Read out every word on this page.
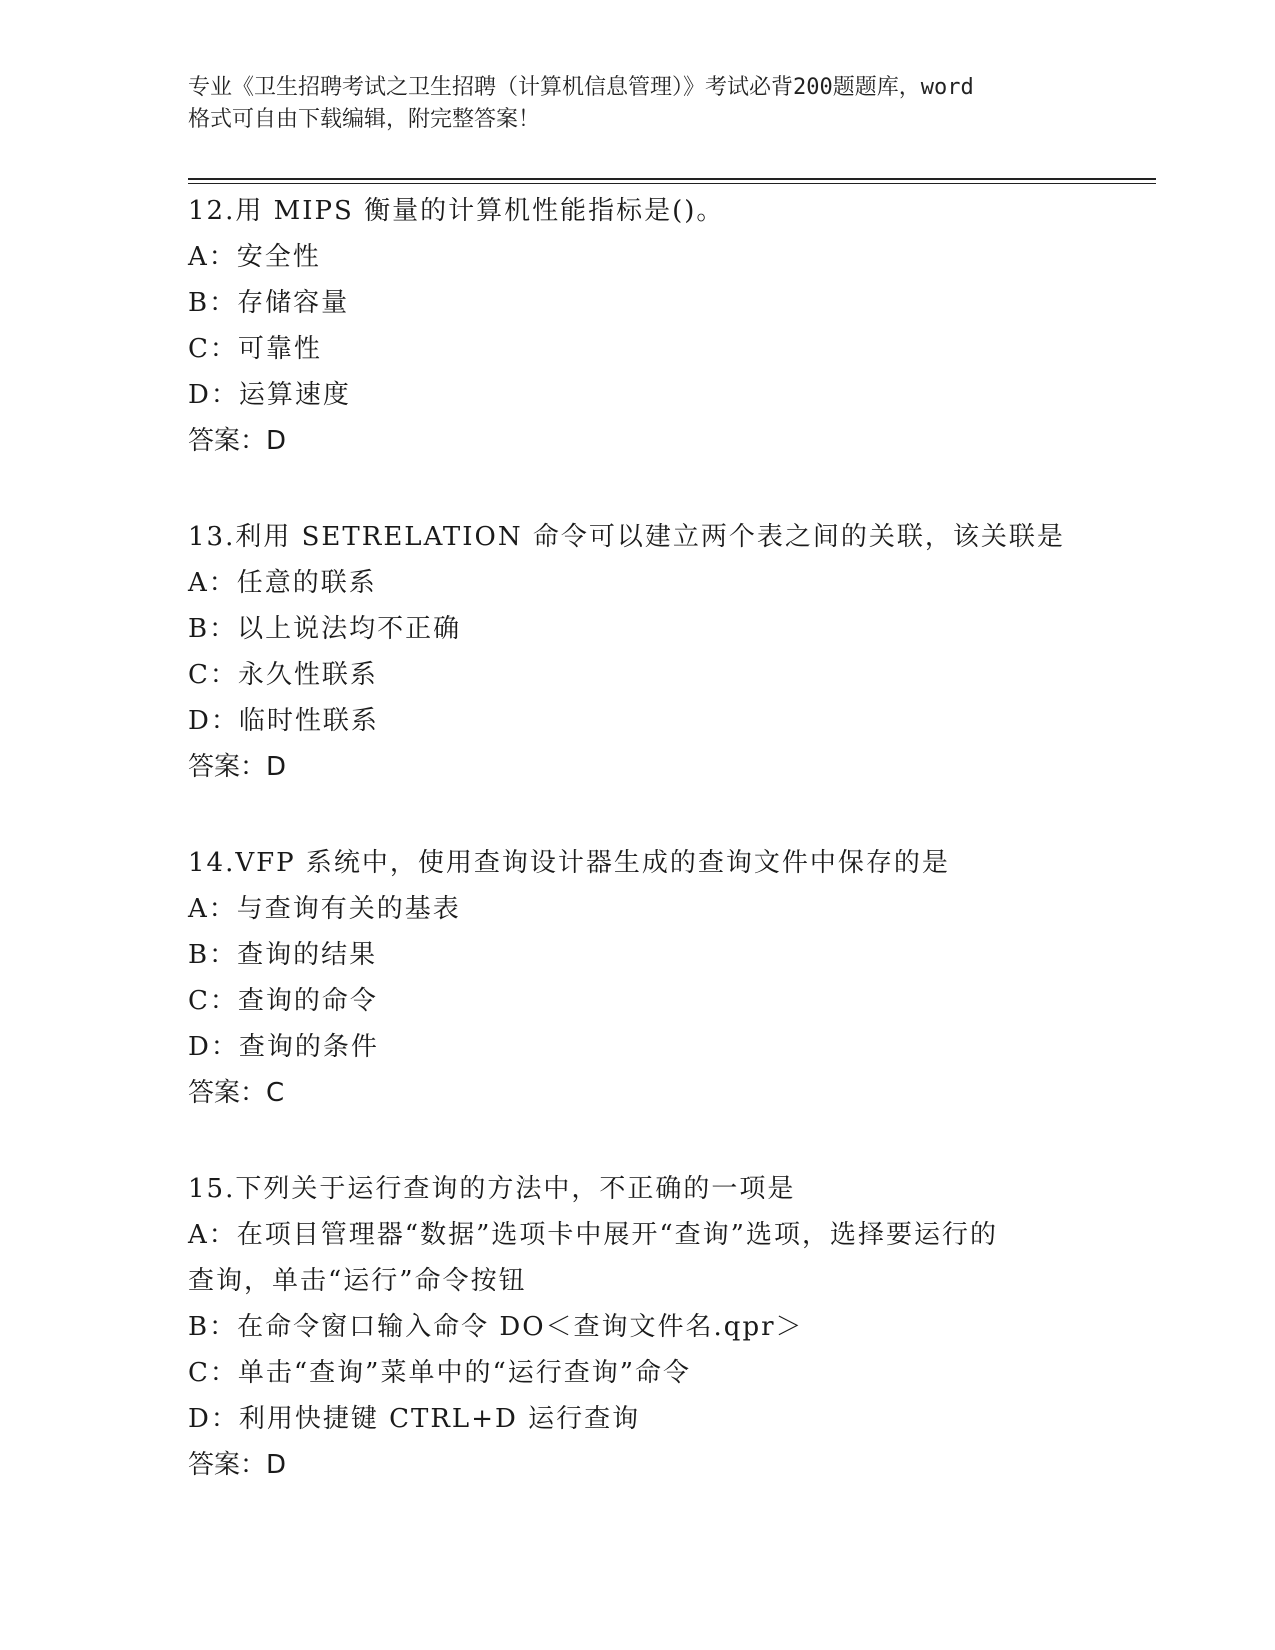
专业《卫生招聘考试之卫生招聘（计算机信息管理）》考试必背200题题库，word
格式可自由下载编辑，附完整答案！
12.用 MIPS 衡量的计算机性能指标是()。
A：安全性
B：存储容量
C：可靠性
D：运算速度
答案：D
13.利用 SETRELATION 命令可以建立两个表之间的关联，该关联是
A：任意的联系
B：以上说法均不正确
C：永久性联系
D：临时性联系
答案：D
14.VFP 系统中，使用查询设计器生成的查询文件中保存的是
A：与查询有关的基表
B：查询的结果
C：查询的命令
D：查询的条件
答案：C
15.下列关于运行查询的方法中，不正确的一项是
A：在项目管理器“数据”选项卡中展开“查询”选项，选择要运行的
查询，单击“运行”命令按钮
B：在命令窗口输入命令 DO＜查询文件名.qpr＞
C：单击“查询”菜单中的“运行查询”命令
D：利用快捷键 CTRL+D 运行查询
答案：D
